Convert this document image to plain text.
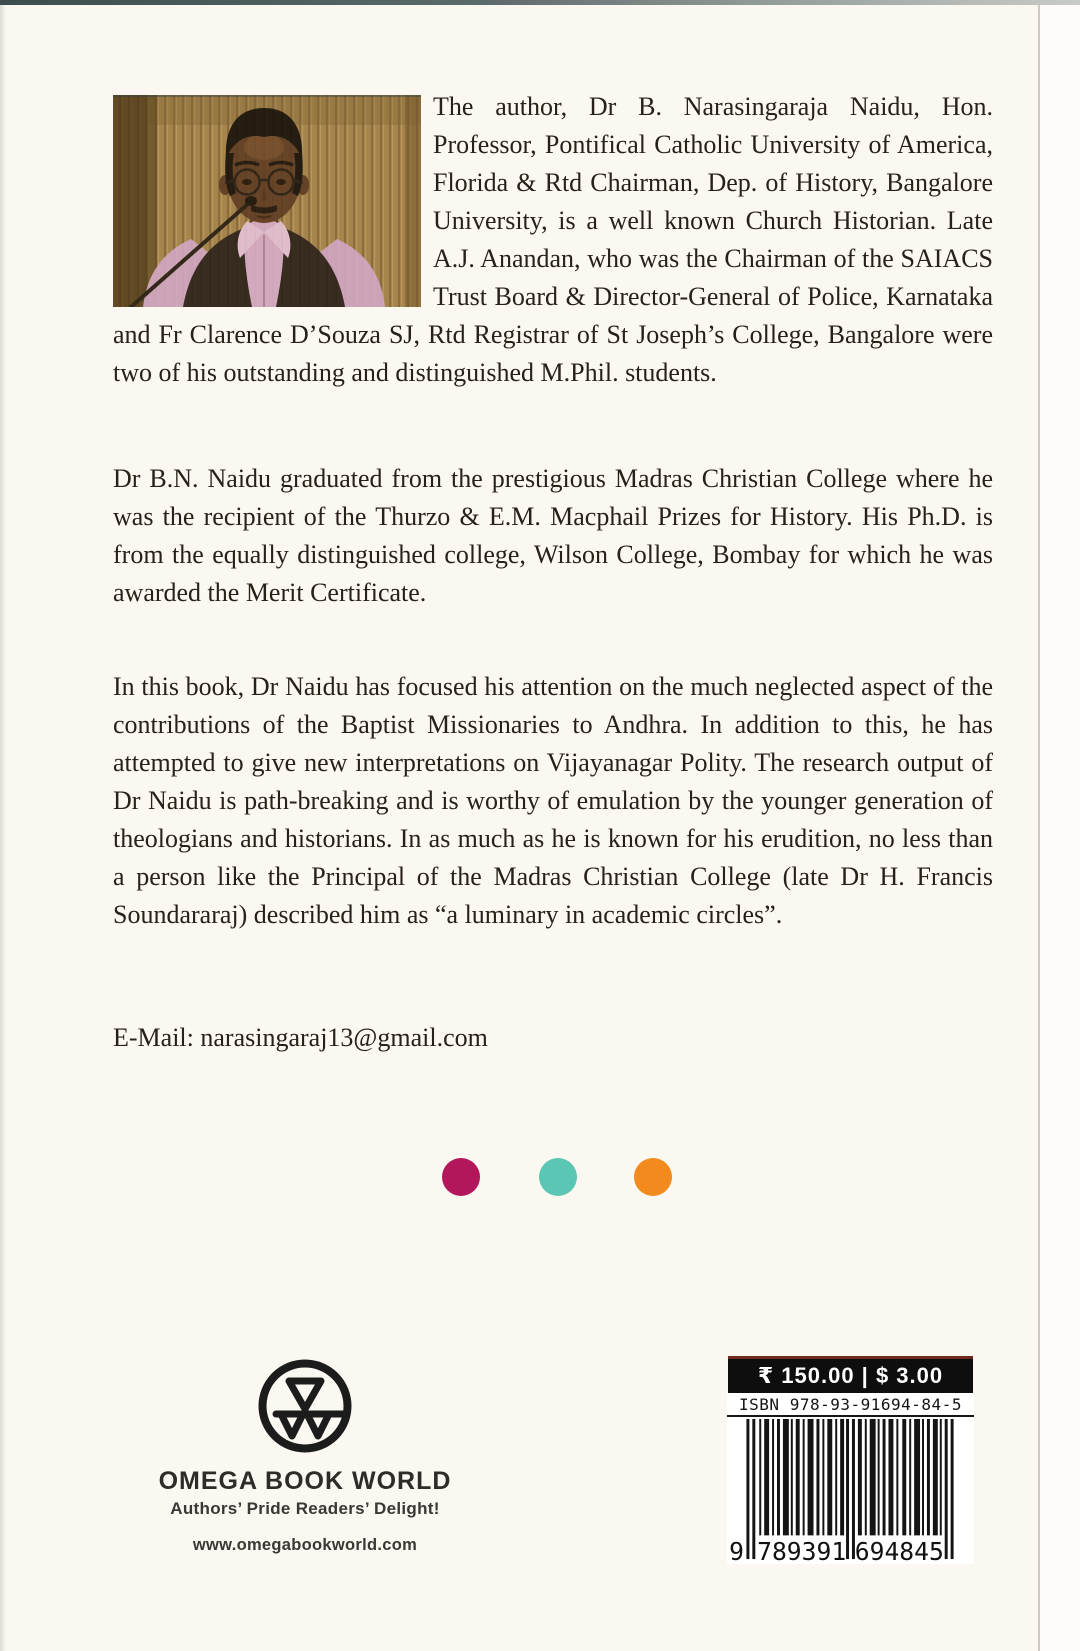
The author, Dr B. Narasingaraja Naidu, Hon. Professor, Pontifical Catholic University of America, Florida & Rtd Chairman, Dep. of History, Bangalore University, is a well known Church Historian. Late A.J. Anandan, who was the Chairman of the SAIACS Trust Board & Director-General of Police, Karnataka and Fr Clarence D’Souza SJ, Rtd Registrar of St Joseph’s College, Bangalore were two of his outstanding and distinguished M.Phil. students.
Dr B.N. Naidu graduated from the prestigious Madras Christian College where he was the recipient of the Thurzo & E.M. Macphail Prizes for History. His Ph.D. is from the equally distinguished college, Wilson College, Bombay for which he was awarded the Merit Certificate.
In this book, Dr Naidu has focused his attention on the much neglected aspect of the contributions of the Baptist Missionaries to Andhra. In addition to this, he has attempted to give new interpretations on Vijayanagar Polity. The research output of Dr Naidu is path-breaking and is worthy of emulation by the younger generation of theologians and historians. In as much as he is known for his erudition, no less than a person like the Principal of the Madras Christian College (late Dr H. Francis Soundararaj) described him as “a luminary in academic circles”.
E-Mail: narasingaraj13@gmail.com
OMEGA BOOK WORLD
Authors’ Pride Readers’ Delight!
www.omegabookworld.com
₹ 150.00 | $ 3.00
ISBN 978-93-91694-84-5
9 789391 694845
